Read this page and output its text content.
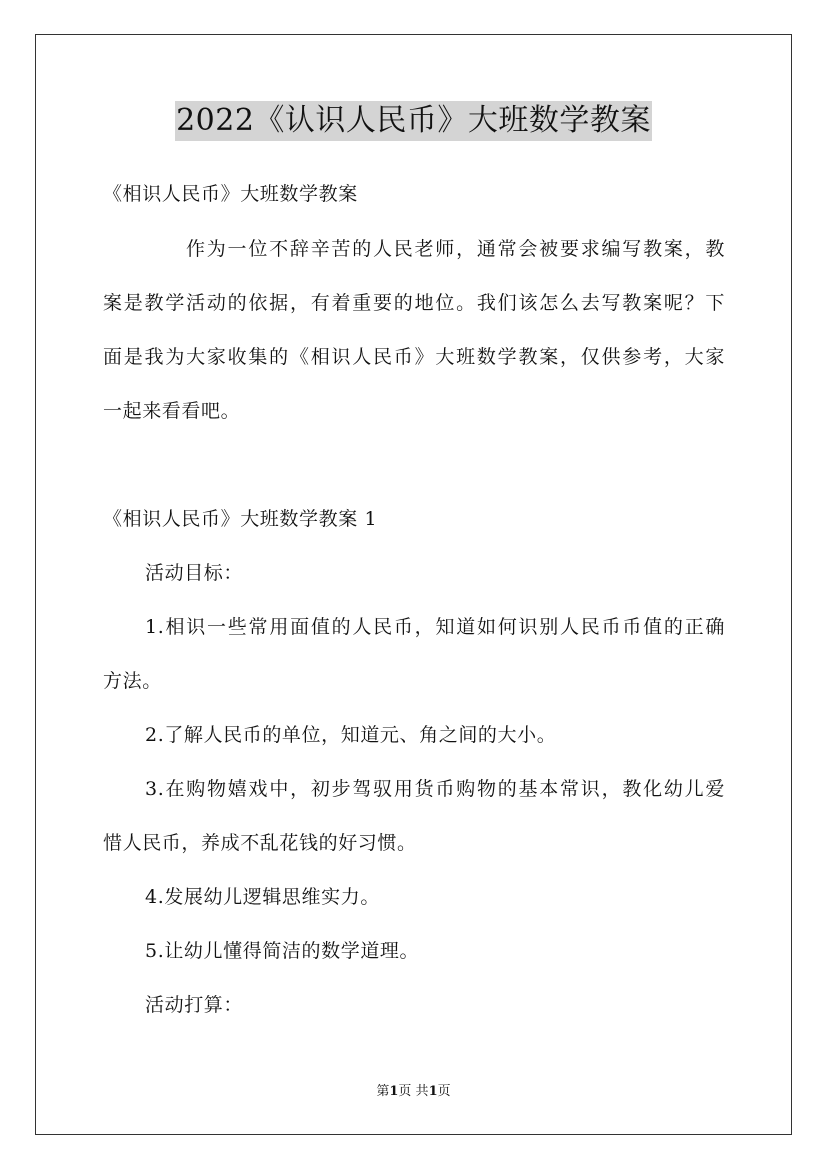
2022《认识人民币》大班数学教案
《相识人民币》大班数学教案
作为一位不辞辛苦的人民老师，通常会被要求编写教案，教
案是教学活动的依据，有着重要的地位。我们该怎么去写教案呢？下
面是我为大家收集的《相识人民币》大班数学教案，仅供参考，大家
一起来看看吧。
《相识人民币》大班数学教案 1
活动目标：
1.相识一些常用面值的人民币，知道如何识别人民币币值的正确
方法。
2.了解人民币的单位，知道元、角之间的大小。
3.在购物嬉戏中，初步驾驭用货币购物的基本常识，教化幼儿爱
惜人民币，养成不乱花钱的好习惯。
4.发展幼儿逻辑思维实力。
5.让幼儿懂得简洁的数学道理。
活动打算：
第1页 共1页
